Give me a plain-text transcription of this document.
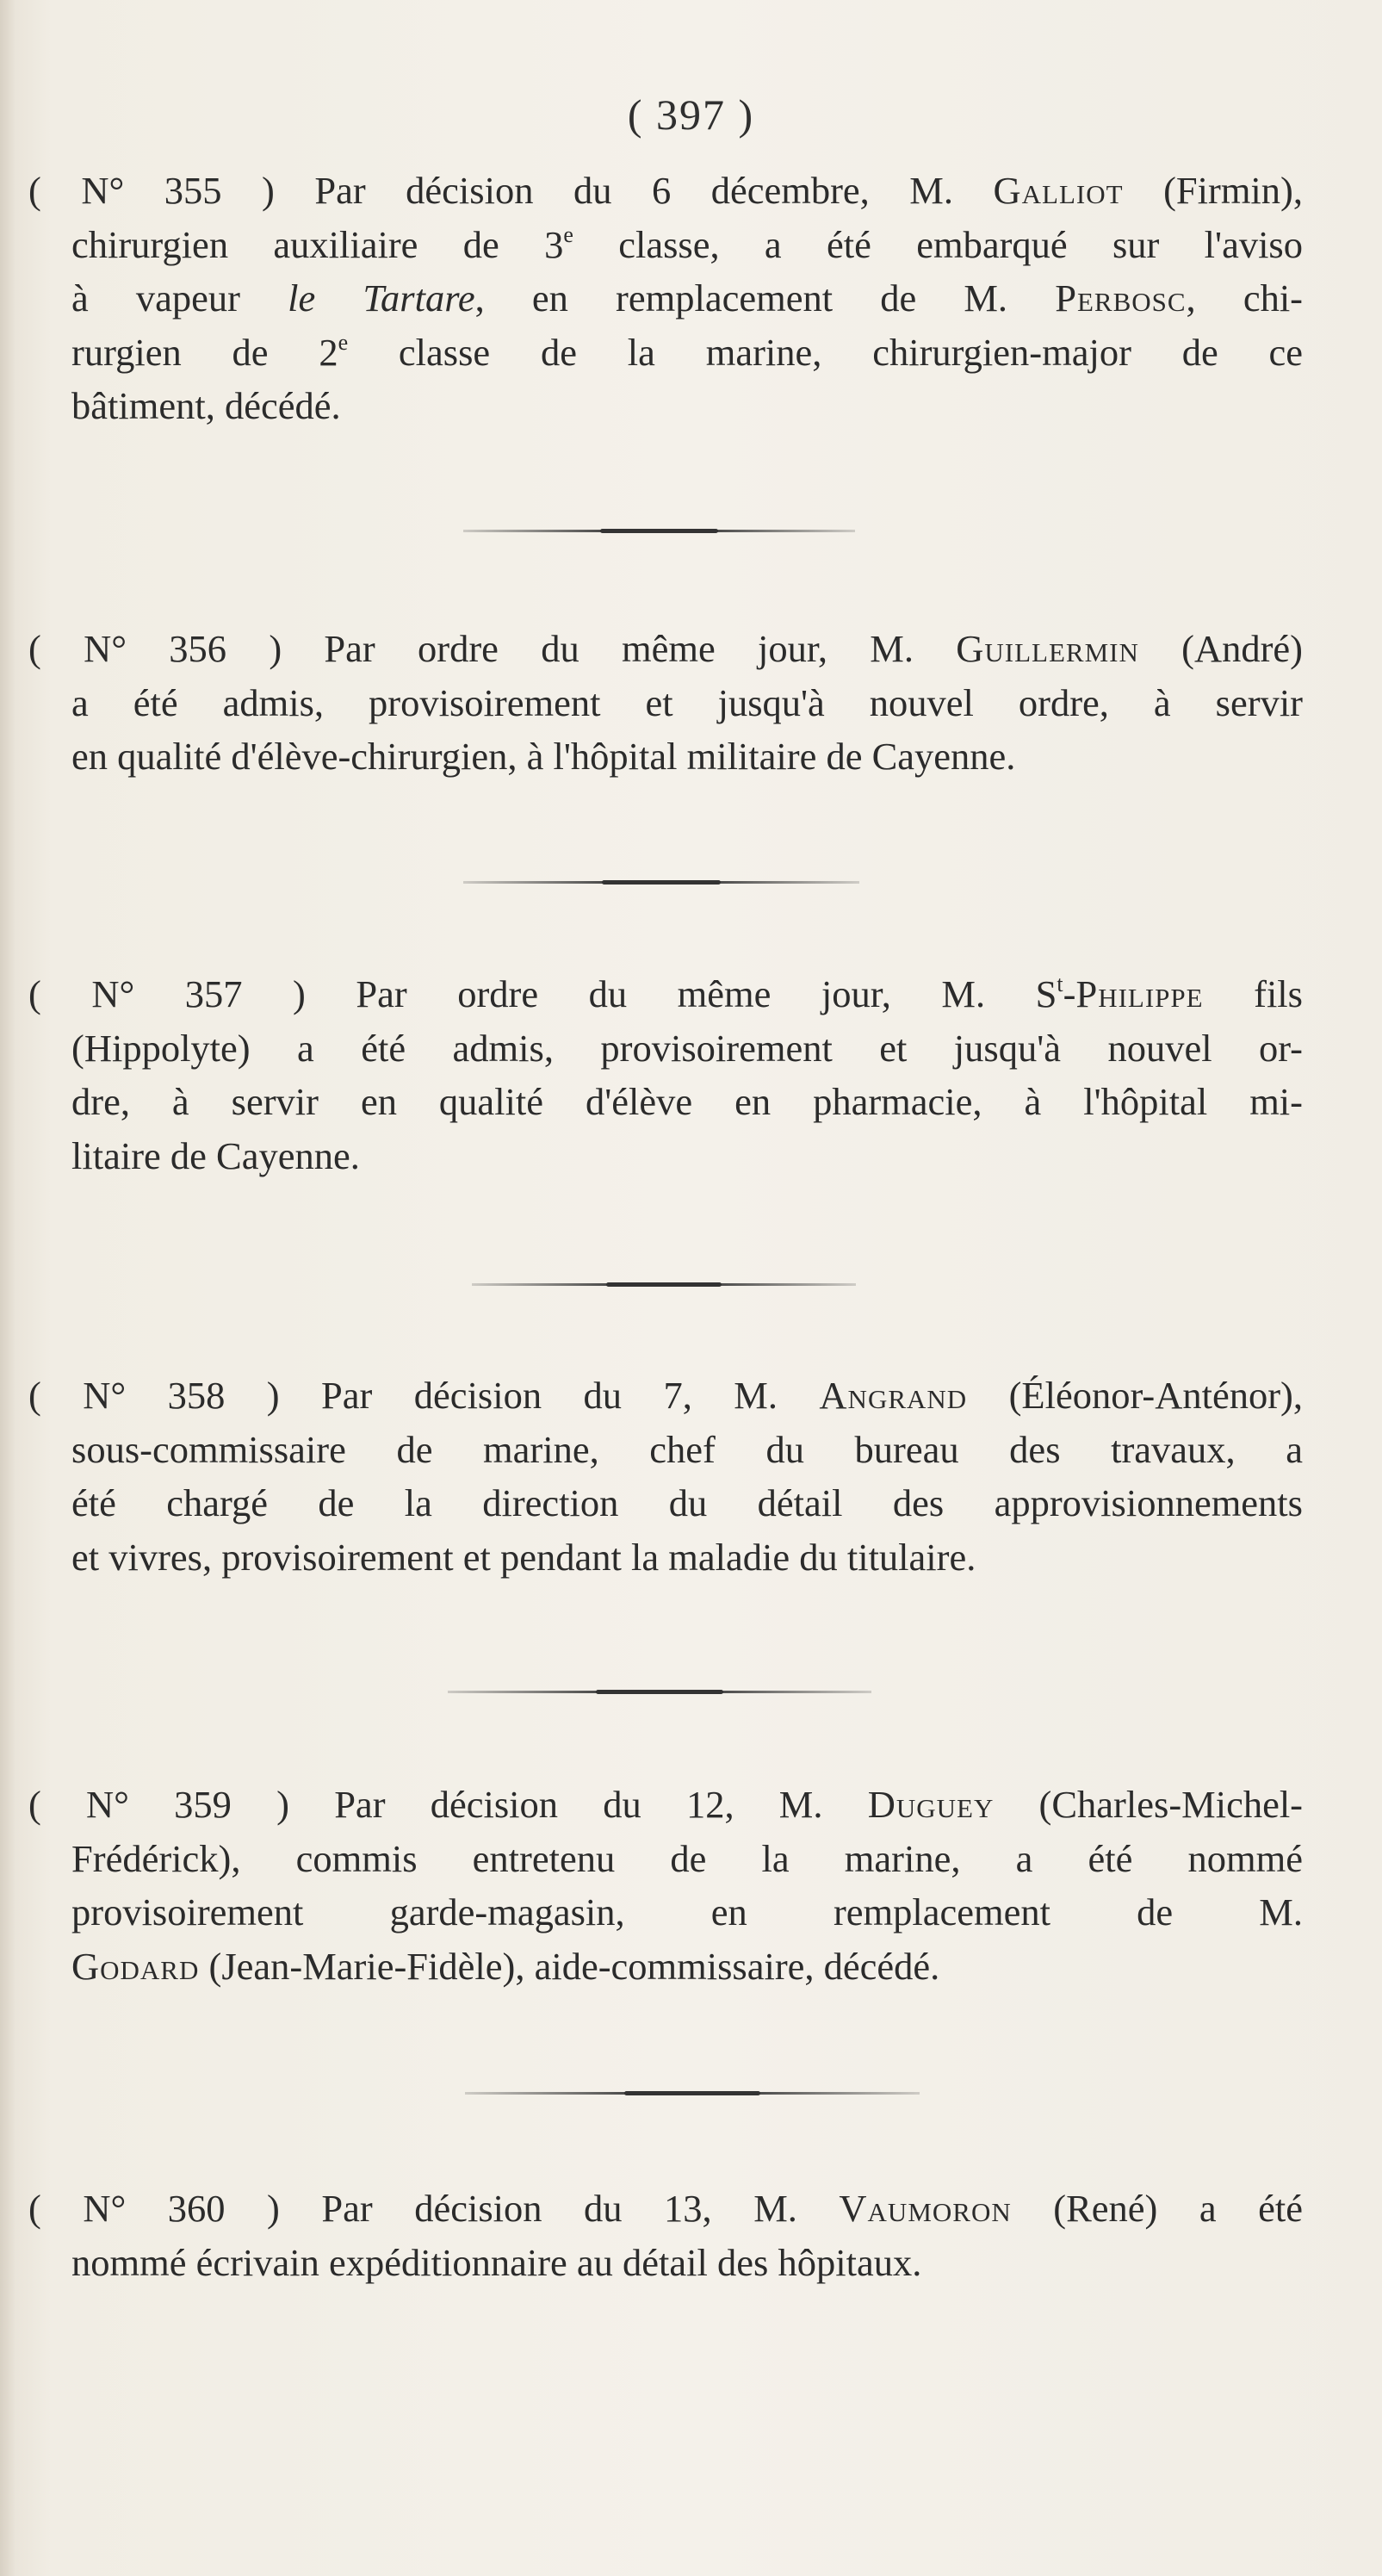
( 397 )
( N° 355 ) Par décision du 6 décembre, M. Galliot (Firmin),
chirurgien auxiliaire de 3e classe, a été embarqué sur l'aviso
à vapeur le Tartare, en remplacement de M. Perbosc, chi-
rurgien de 2e classe de la marine, chirurgien-major de ce
bâtiment, décédé.
( N° 356 ) Par ordre du même jour, M. Guillermin (André)
a été admis, provisoirement et jusqu'à nouvel ordre, à servir
en qualité d'élève-chirurgien, à l'hôpital militaire de Cayenne.
( N° 357 ) Par ordre du même jour, M. $S^t$-Philippe fils
(Hippolyte) a été admis, provisoirement et jusqu'à nouvel or-
dre, à servir en qualité d'élève en pharmacie, à l'hôpital mi-
litaire de Cayenne.
( N° 358 ) Par décision du 7, M. Angrand (Éléonor-Anténor),
sous-commissaire de marine, chef du bureau des travaux, a
été chargé de la direction du détail des approvisionnements
et vivres, provisoirement et pendant la maladie du titulaire.
( N° 359 ) Par décision du 12, M. Duguey (Charles-Michel-
Frédérick), commis entretenu de la marine, a été nommé
provisoirement garde-magasin, en remplacement de M.
Godard (Jean-Marie-Fidèle), aide-commissaire, décédé.
( N° 360 ) Par décision du 13, M. Vaumoron (René) a été
nommé écrivain expéditionnaire au détail des hôpitaux.
